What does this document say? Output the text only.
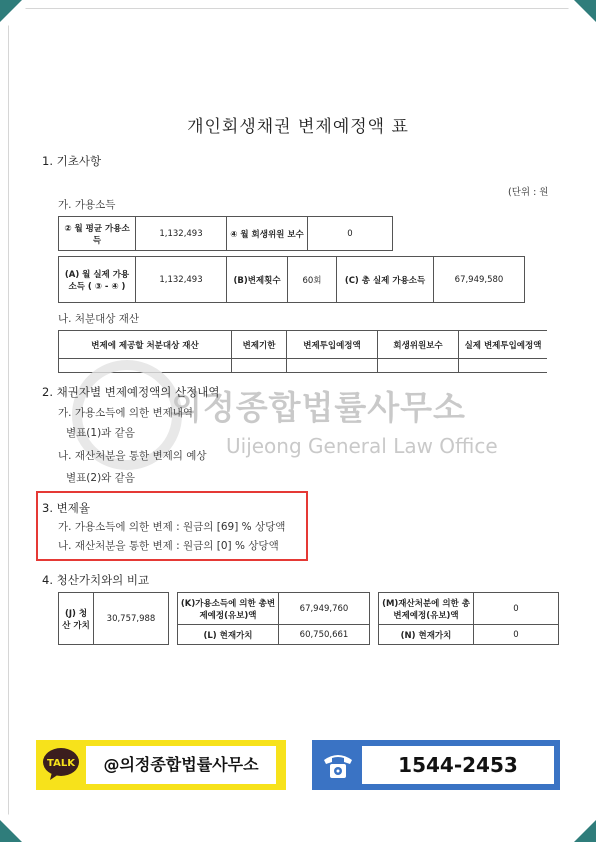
개인회생채권 변제예정액 표
1. 기초사항
(단위 : 원
가. 가용소득
② 월 평균 가용소득	1,132,493	④ 월 회생위원 보수	0	
(A) 월 실제 가용소득 ( ③ - ④ )	1,132,493	(B)변제횟수	60회	(C) 총 실제 가용소득	67,949,580
나. 처분대상 재산
변제에 제공할 처분대상 재산	변제기한	변제투입예정액	회생위원보수	실제 변제투입예정액

의정종합법률사무소
Uijeong General Law Office
2. 채권자별 변제예정액의 산정내역
가. 가용소득에 의한 변제내역
별표(1)과 같음
나. 재산처분을 통한 변제의 예상
별표(2)와 같음
3. 변제율
가. 가용소득에 의한 변제 : 원금의 [69] % 상당액
나. 재산처분을 통한 변제 : 원금의 [0] % 상당액
4. 청산가치와의 비교
(J) 청산 가치	30,757,988		(K)가용소득에 의한 총변제예정(유보)액	67,949,760		(M)재산처분에 의한 총변제예정(유보)액	0
			(L) 현재가치	60,750,661		(N) 현재가치	0
TALK	@의정종합법률사무소	1544-2453
